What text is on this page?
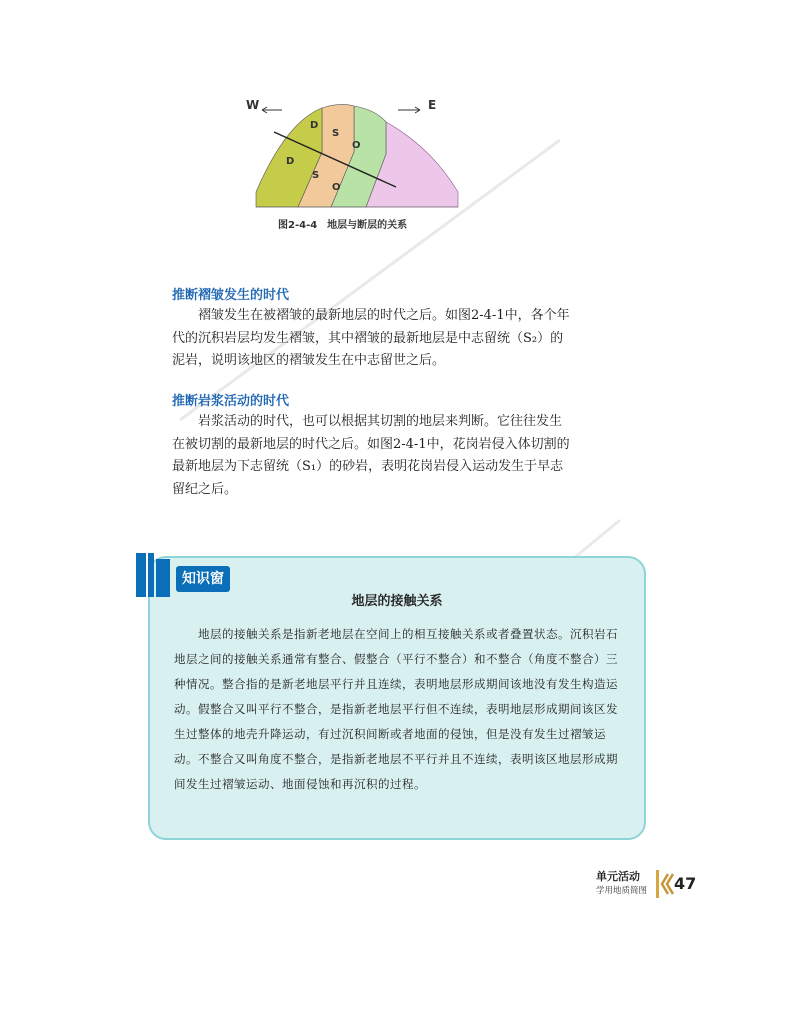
W	E
D
S
O
D
S
O
图2-4-4　地层与断层的关系
推断褶皱发生的时代
褶皱发生在被褶皱的最新地层的时代之后。如图2-4-1中，各个年代的沉积岩层均发生褶皱，其中褶皱的最新地层是中志留统（S₂）的泥岩，说明该地区的褶皱发生在中志留世之后。
推断岩浆活动的时代
岩浆活动的时代，也可以根据其切割的地层来判断。它往往发生在被切割的最新地层的时代之后。如图2-4-1中，花岗岩侵入体切割的最新地层为下志留统（S₁）的砂岩，表明花岗岩侵入运动发生于早志留纪之后。
地层的接触关系
地层的接触关系是指新老地层在空间上的相互接触关系或者叠置状态。沉积岩石地层之间的接触关系通常有整合、假整合（平行不整合）和不整合（角度不整合）三种情况。整合指的是新老地层平行并且连续，表明地层形成期间该地没有发生构造运动。假整合又叫平行不整合，是指新老地层平行但不连续，表明地层形成期间该区发生过整体的地壳升降运动，有过沉积间断或者地面的侵蚀，但是没有发生过褶皱运动。不整合又叫角度不整合，是指新老地层不平行并且不连续，表明该区地层形成期间发生过褶皱运动、地面侵蚀和再沉积的过程。
知识窗
单元活动
学用地质简图 47
